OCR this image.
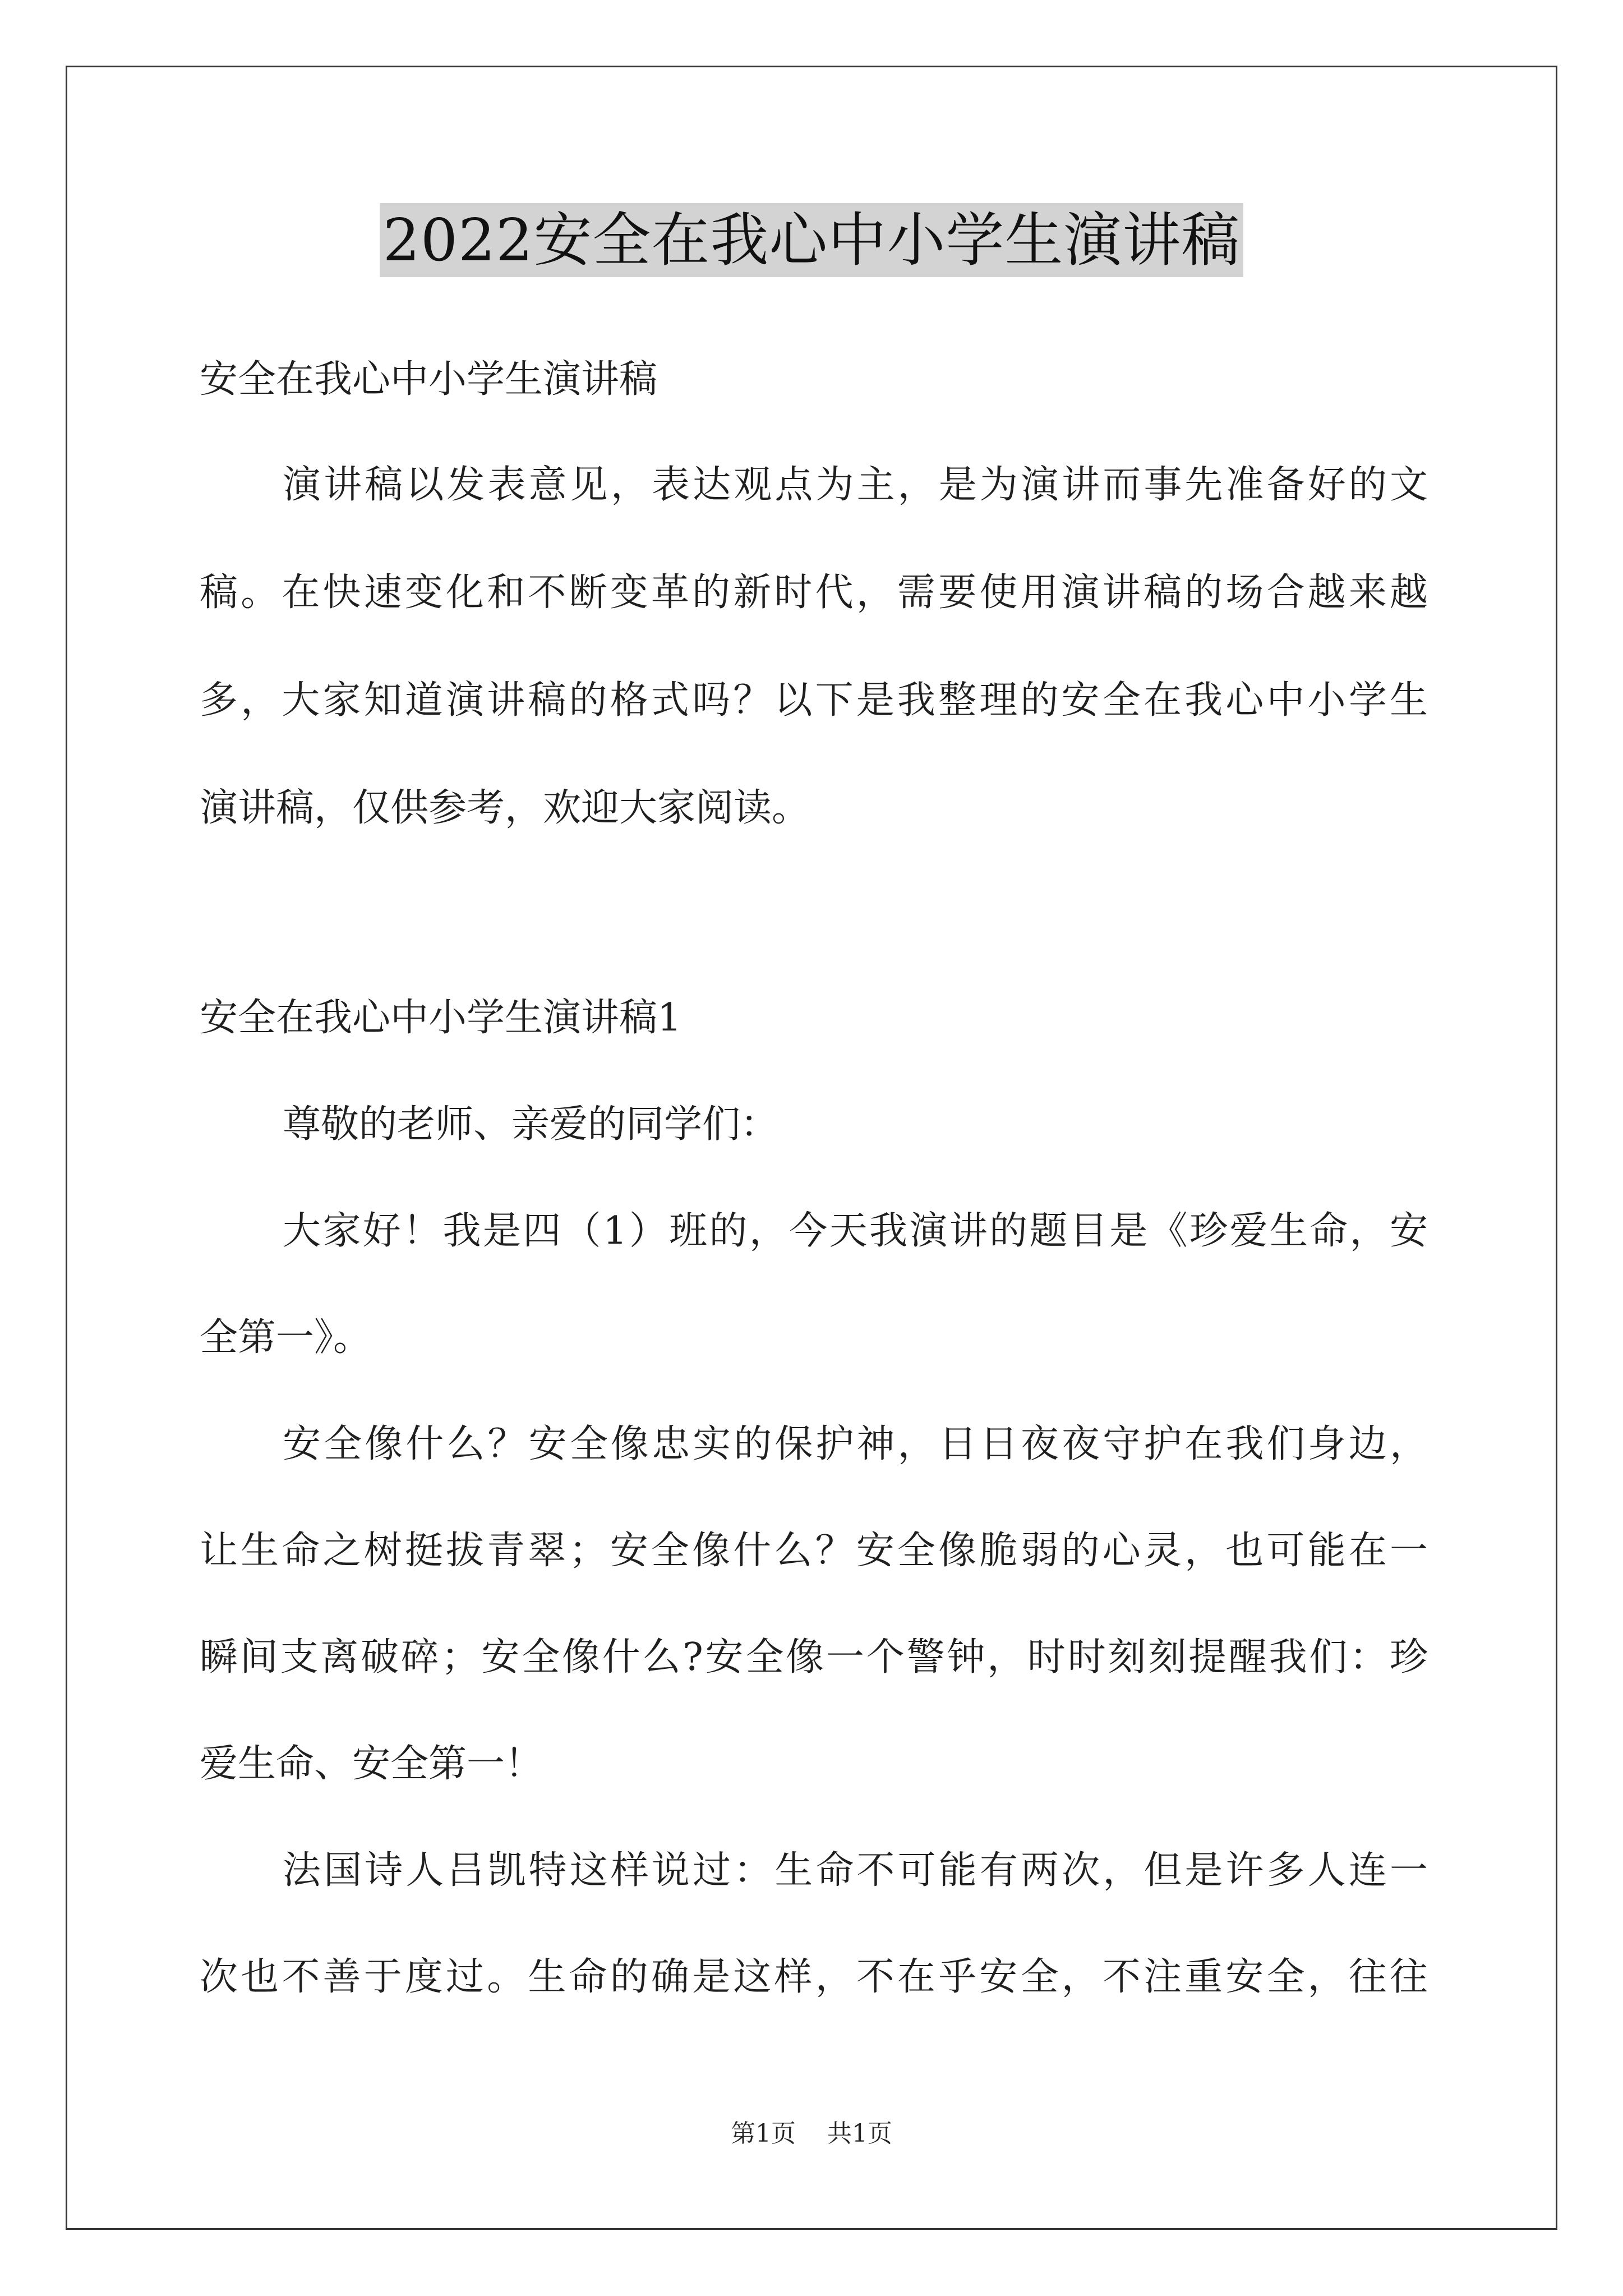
2022安全在我心中小学生演讲稿
安全在我心中小学生演讲稿
演讲稿以发表意见，表达观点为主，是为演讲而事先准备好的文
稿。在快速变化和不断变革的新时代，需要使用演讲稿的场合越来越
多，大家知道演讲稿的格式吗？以下是我整理的安全在我心中小学生
演讲稿，仅供参考，欢迎大家阅读。
安全在我心中小学生演讲稿1
尊敬的老师、亲爱的同学们：
大家好！我是四（1）班的，今天我演讲的题目是《珍爱生命，安
全第一》。
安全像什么？安全像忠实的保护神，日日夜夜守护在我们身边，
让生命之树挺拔青翠；安全像什么？安全像脆弱的心灵，也可能在一
瞬间支离破碎；安全像什么?安全像一个警钟，时时刻刻提醒我们：珍
爱生命、安全第一！
法国诗人吕凯特这样说过：生命不可能有两次，但是许多人连一
次也不善于度过。生命的确是这样，不在乎安全，不注重安全，往往
第1页    共1页
